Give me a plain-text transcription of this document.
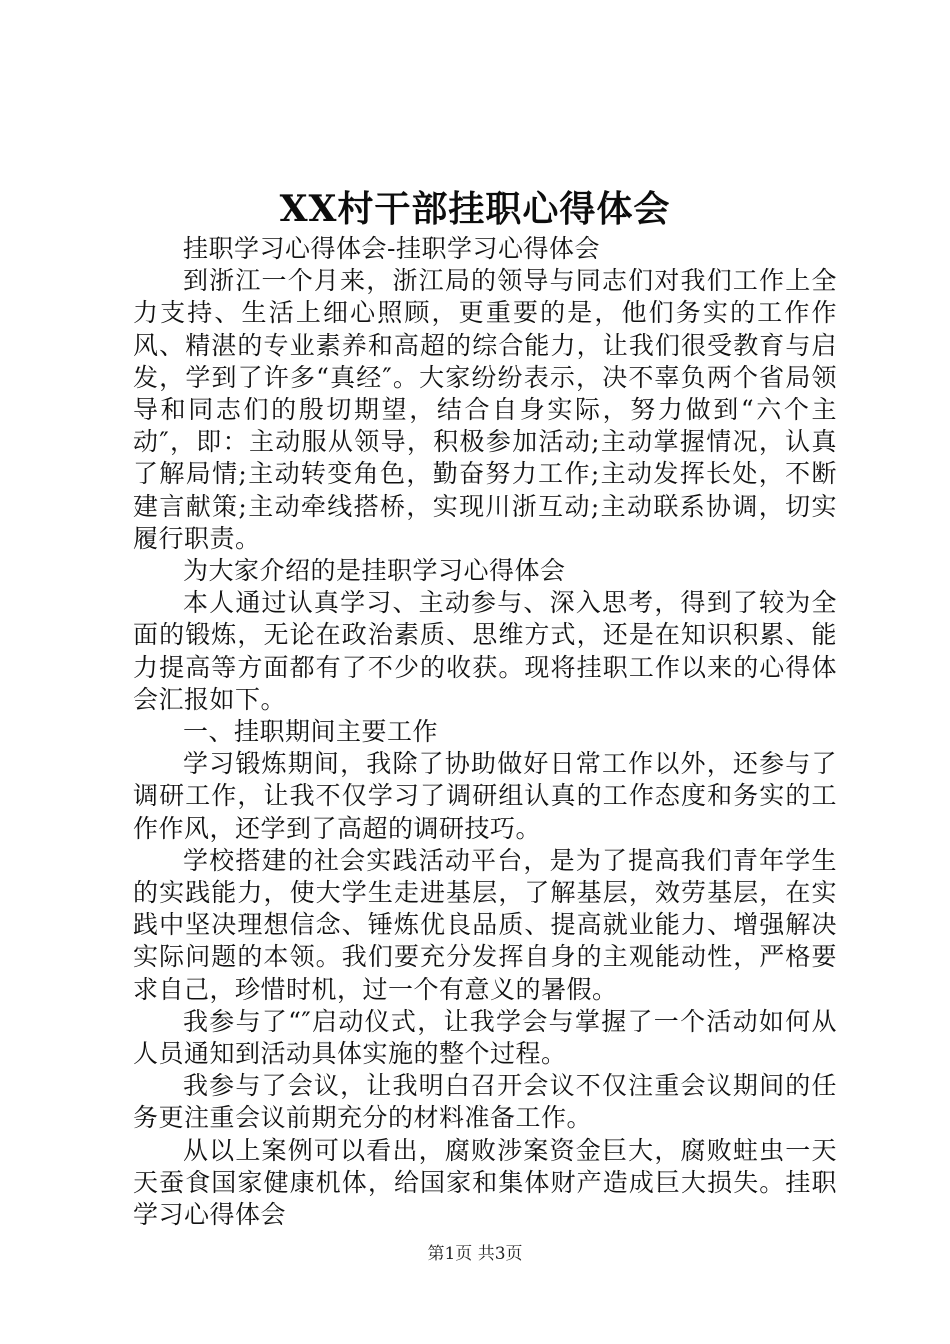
XX村干部挂职心得体会

挂职学习心得体会-挂职学习心得体会

到浙江一个月来，浙江局的领导与同志们对我们工作上全力支持、生活上细心照顾，更重要的是，他们务实的工作作风、精湛的专业素养和高超的综合能力，让我们很受教育与启发，学到了许多“真经″。大家纷纷表示，决不辜负两个省局领导和同志们的殷切期望，结合自身实际，努力做到“六个主动″，即：主动服从领导，积极参加活动;主动掌握情况，认真了解局情;主动转变角色，勤奋努力工作;主动发挥长处，不断建言献策;主动牵线搭桥，实现川浙互动;主动联系协调，切实履行职责。

为大家介绍的是挂职学习心得体会

本人通过认真学习、主动参与、深入思考，得到了较为全面的锻炼，无论在政治素质、思维方式，还是在知识积累、能力提高等方面都有了不少的收获。现将挂职工作以来的心得体会汇报如下。

一、挂职期间主要工作

学习锻炼期间，我除了协助做好日常工作以外，还参与了调研工作，让我不仅学习了调研组认真的工作态度和务实的工作作风，还学到了高超的调研技巧。

学校搭建的社会实践活动平台，是为了提高我们青年学生的实践能力，使大学生走进基层，了解基层，效劳基层，在实践中坚决理想信念、锤炼优良品质、提高就业能力、增强解决实际问题的本领。我们要充分发挥自身的主观能动性，严格要求自己，珍惜时机，过一个有意义的暑假。

我参与了“″启动仪式，让我学会与掌握了一个活动如何从人员通知到活动具体实施的整个过程。

我参与了会议，让我明白召开会议不仅注重会议期间的任务更注重会议前期充分的材料准备工作。

从以上案例可以看出，腐败涉案资金巨大，腐败蛀虫一天天蚕食国家健康机体，给国家和集体财产造成巨大损失。挂职学习心得体会

第1页 共3页
